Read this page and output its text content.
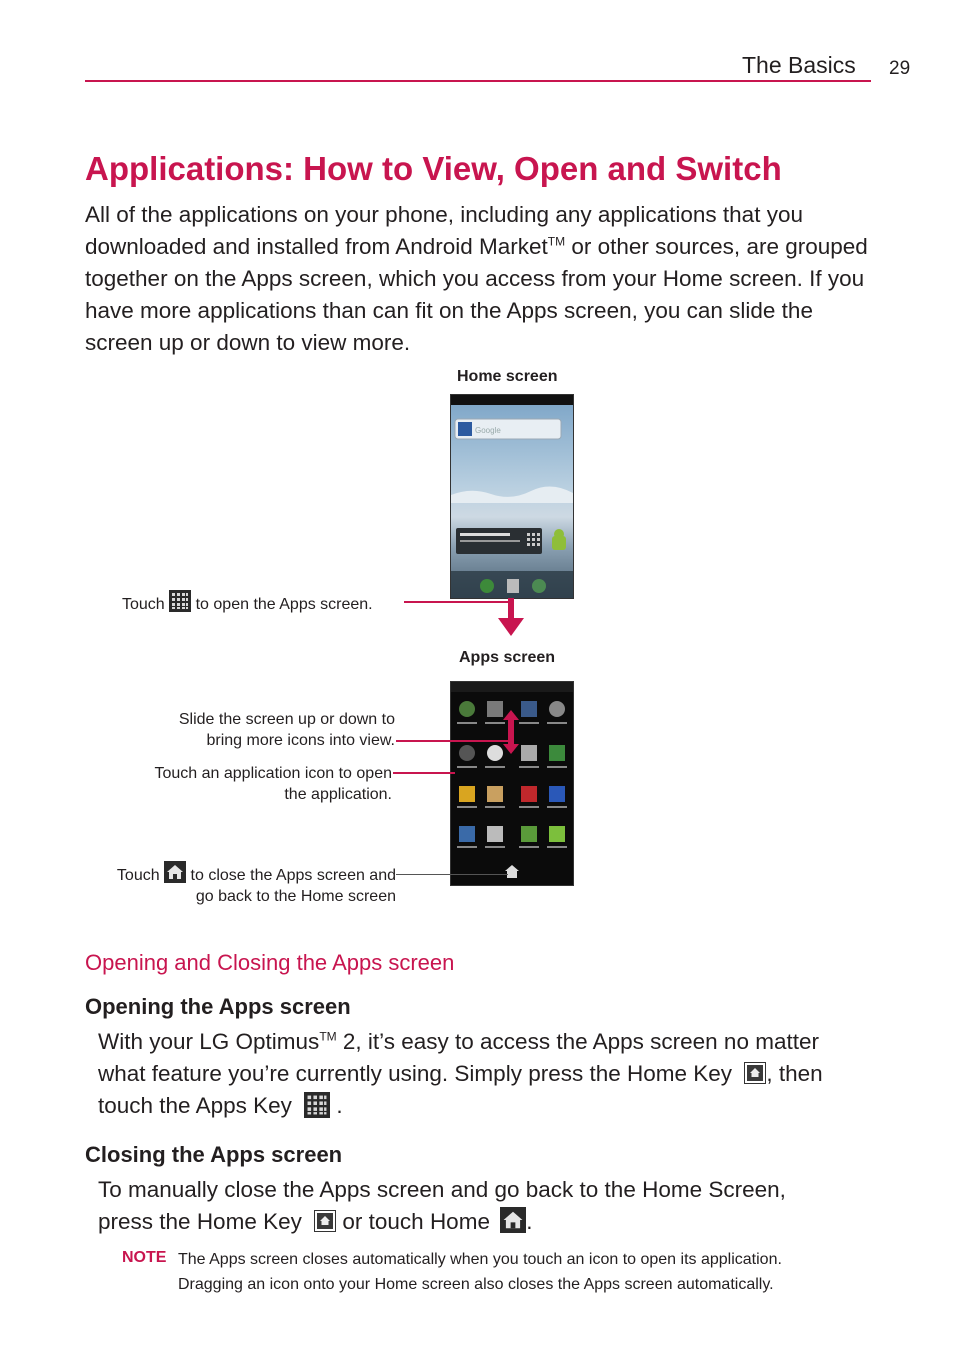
The Basics 29
Applications: How to View, Open and Switch
All of the applications on your phone, including any applications that you downloaded and installed from Android Market™ or other sources, are grouped together on the Apps screen, which you access from your Home screen. If you have more applications than can fit on the Apps screen, you can slide the screen up or down to view more.
Home screen
Google
Touch to open the Apps screen.
Apps screen
Slide the screen up or down to
bring more icons into view.
Touch an application icon to open
the application.
Touch to close the Apps screen and
go back to the Home screen
Opening and Closing the Apps screen
Opening the Apps screen
With your LG Optimus™ 2, it’s easy to access the Apps screen no matter
what feature you’re currently using. Simply press the Home Key , then
touch the Apps Key  .
Closing the Apps screen
To manually close the Apps screen and go back to the Home Screen,
press the Home Key  or touch Home .
NOTE The Apps screen closes automatically when you touch an icon to open its application.
Dragging an icon onto your Home screen also closes the Apps screen automatically.
